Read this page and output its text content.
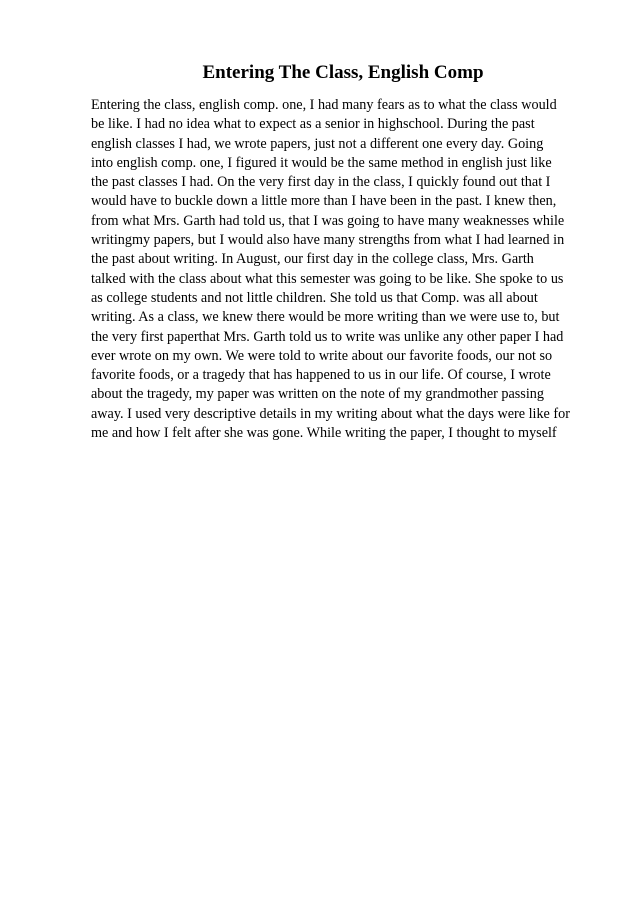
Entering The Class, English Comp
Entering the class, english comp. one, I had many fears as to what the class would
be like. I had no idea what to expect as a senior in highschool. During the past
english classes I had, we wrote papers, just not a different one every day. Going
into english comp. one, I figured it would be the same method in english just like
the past classes I had. On the very first day in the class, I quickly found out that I
would have to buckle down a little more than I have been in the past. I knew then,
from what Mrs. Garth had told us, that I was going to have many weaknesses while
writingmy papers, but I would also have many strengths from what I had learned in
the past about writing. In August, our first day in the college class, Mrs. Garth
talked with the class about what this semester was going to be like. She spoke to us
as college students and not little children. She told us that Comp. was all about
writing. As a class, we knew there would be more writing than we were use to, but
the very first paperthat Mrs. Garth told us to write was unlike any other paper I had
ever wrote on my own. We were told to write about our favorite foods, our not so
favorite foods, or a tragedy that has happened to us in our life. Of course, I wrote
about the tragedy, my paper was written on the note of my grandmother passing
away. I used very descriptive details in my writing about what the days were like for
me and how I felt after she was gone. While writing the paper, I thought to myself
